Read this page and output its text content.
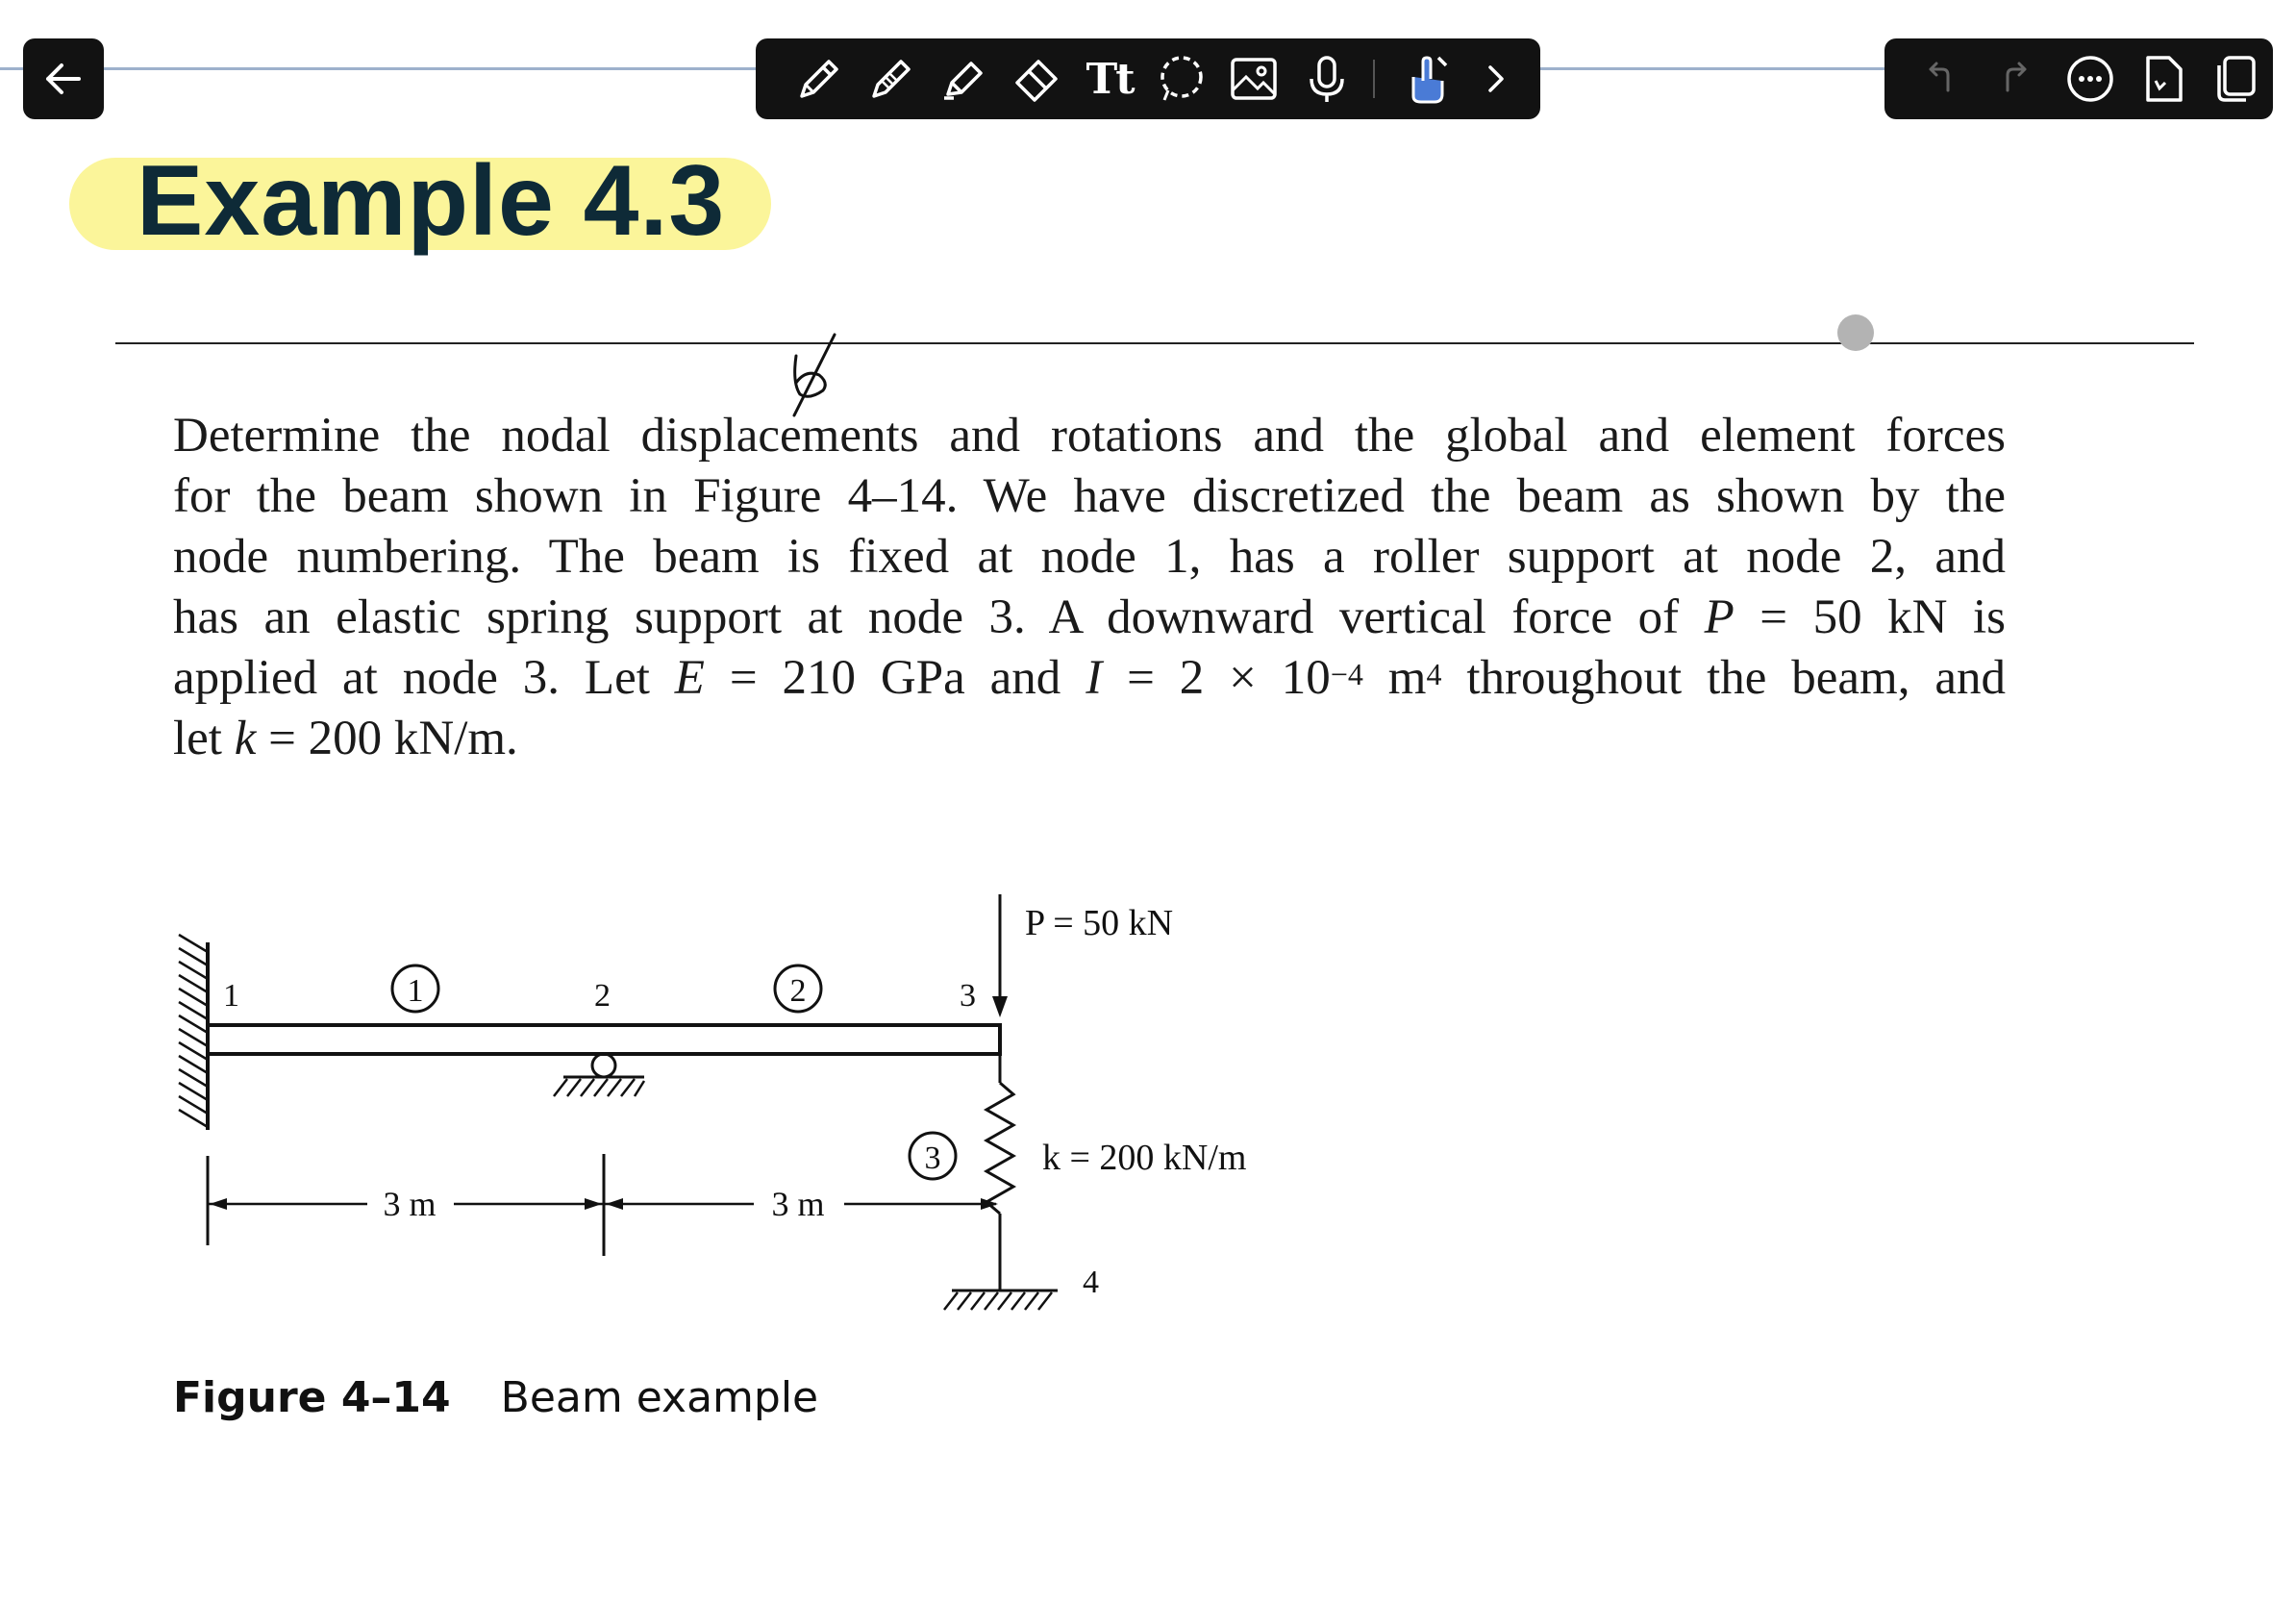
Tt
Example 4.3
Determine the nodal displacements and rotations and the global and element forces
for the beam shown in Figure 4–14. We have discretized the beam as shown by the
node numbering. The beam is fixed at node 1, has a roller support at node 2, and
has an elastic spring support at node 3. A downward vertical force of P = 50 kN is
applied at node 3. Let E = 210 GPa and $I = 2 \times 10^{-4}$ $m^4$ throughout the beam, and
let k = 200 kN/m.
P = 50 kN
1	2	3
4
1	2
3	k = 200 kN/m
3 m	3 m
Figure 4–14 Beam example
